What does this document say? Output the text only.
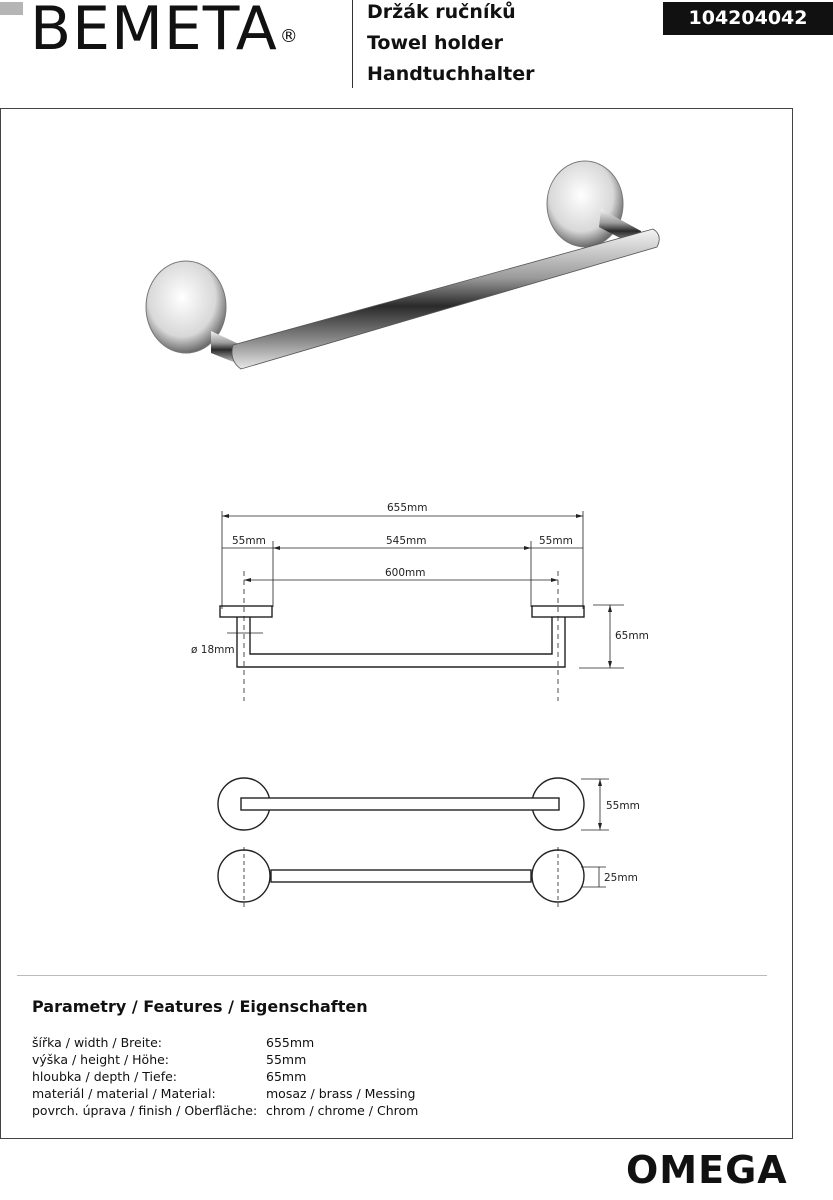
BEMETA ®
Držák ručníků
Towel holder
Handtuchhalter
104204042
655mm
55mm	545mm	55mm
600mm
ø 18mm
65mm
55mm
25mm
Parametry / Features / Eigenschaften
šířka / width / Breite:	655mm
výška / height / Höhe:	55mm
hloubka / depth / Tiefe:	65mm
materiál / material / Material:	mosaz / brass / Messing
povrch. úprava / finish / Oberfläche: chrom / chrome / Chrom
OMEGA
